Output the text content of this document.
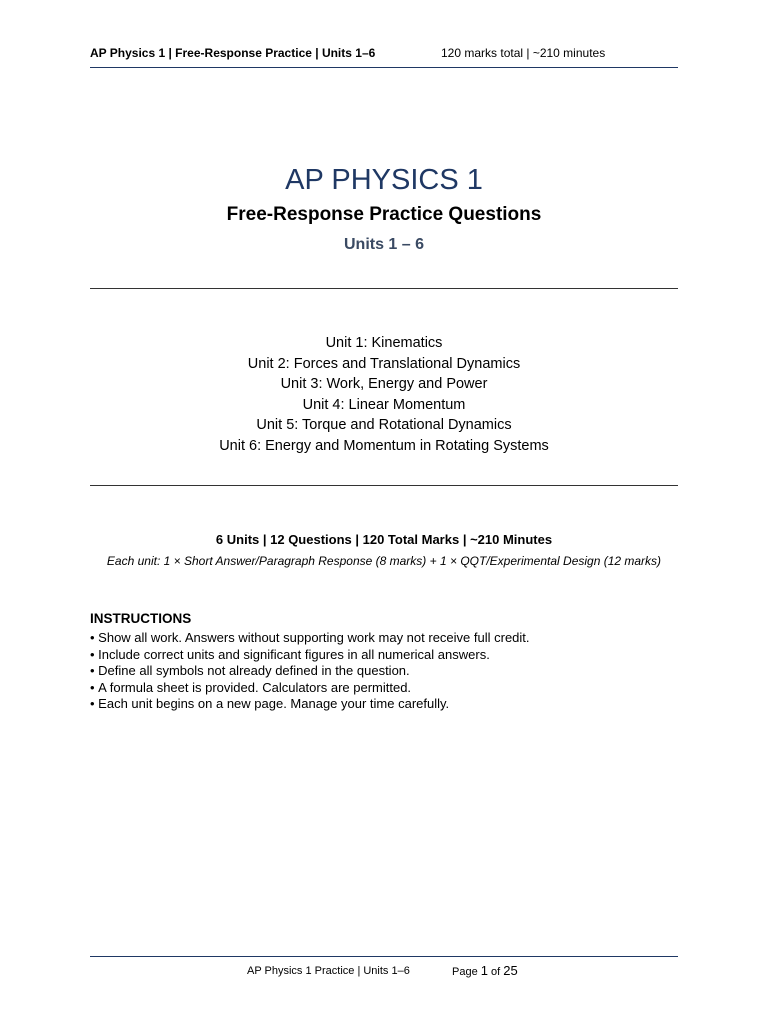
AP Physics 1 | Free-Response Practice | Units 1–6	120 marks total | ~210 minutes
AP PHYSICS 1
Free-Response Practice Questions
Units 1 – 6
Unit 1: Kinematics
Unit 2: Forces and Translational Dynamics
Unit 3: Work, Energy and Power
Unit 4: Linear Momentum
Unit 5: Torque and Rotational Dynamics
Unit 6: Energy and Momentum in Rotating Systems
6 Units | 12 Questions | 120 Total Marks | ~210 Minutes
Each unit: 1 × Short Answer/Paragraph Response (8 marks) + 1 × QQT/Experimental Design (12 marks)
INSTRUCTIONS
• Show all work. Answers without supporting work may not receive full credit.
• Include correct units and significant figures in all numerical answers.
• Define all symbols not already defined in the question.
• A formula sheet is provided. Calculators are permitted.
• Each unit begins on a new page. Manage your time carefully.
AP Physics 1 Practice | Units 1–6	Page 1 of 25
